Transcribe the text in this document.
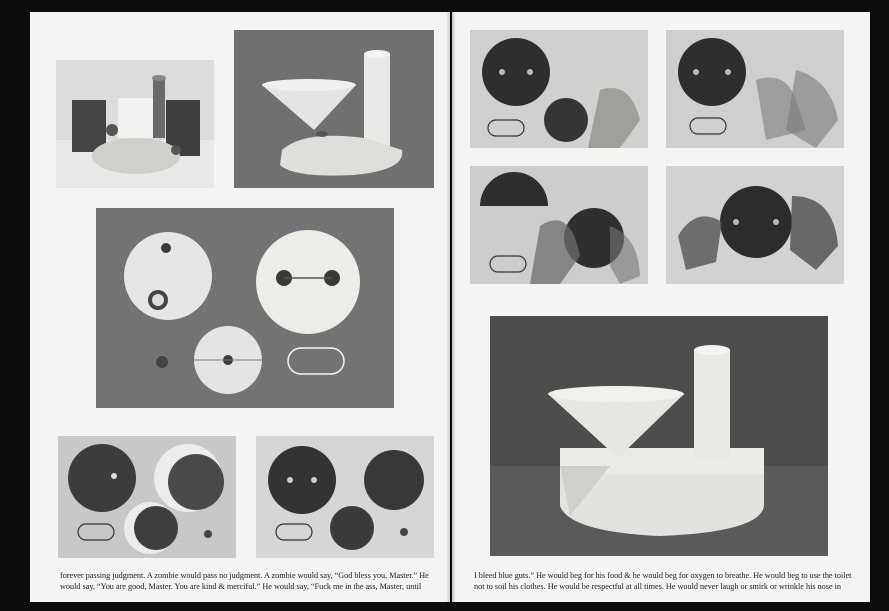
forever passing judgment. A zombie would pass no judgment. A zombie would say, “God bless you, Master.” He
would say, “You are good, Master. You are kind & merciful.” He would say, “Fuck me in the ass, Master, until
I bleed blue guts.” He would beg for his food & he would beg for oxygen to breathe. He would beg to use the toilet
not to soil his clothes. He would be respectful at all times. He would never laugh or smirk or wrinkle his nose in
